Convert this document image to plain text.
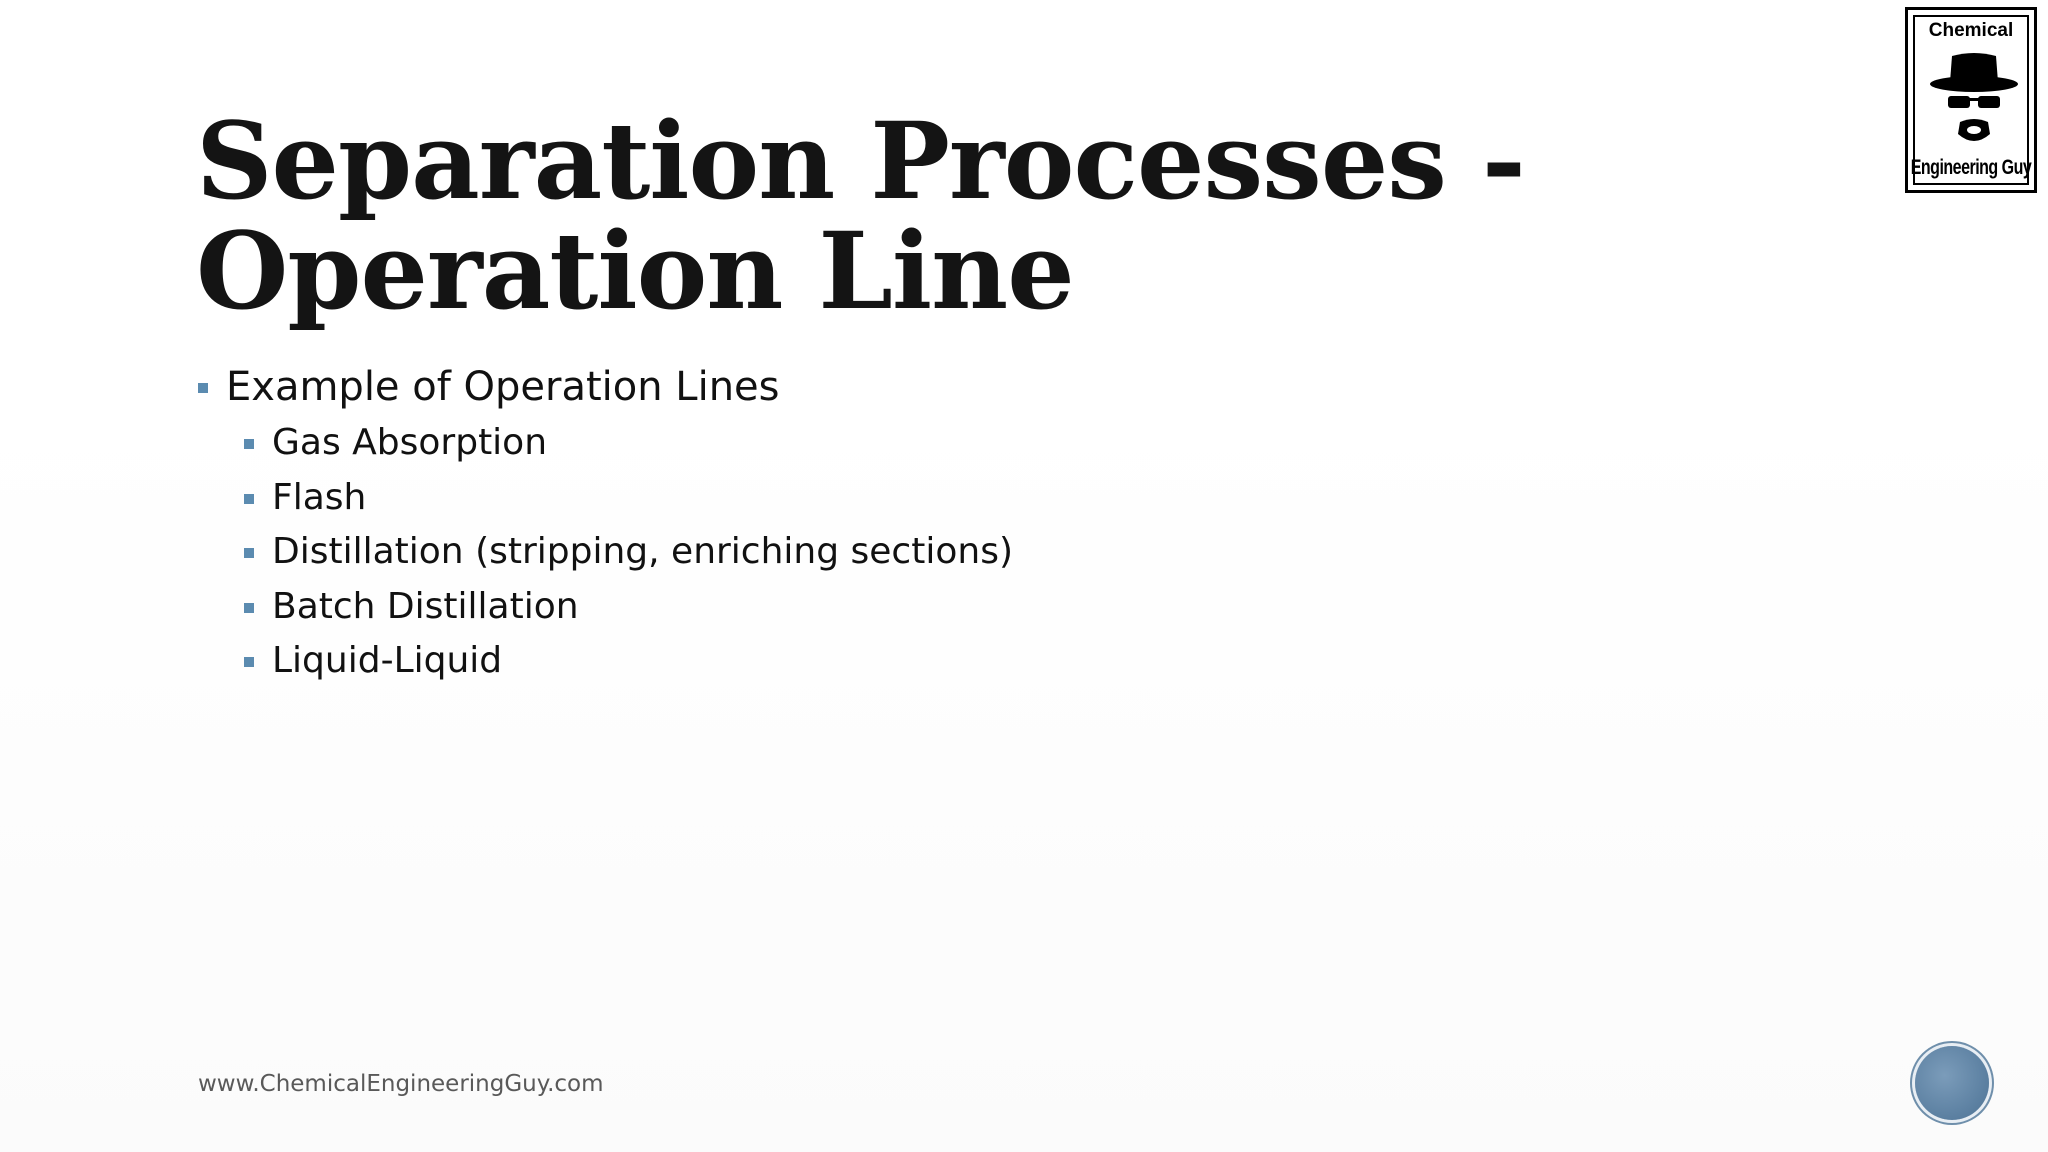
Separation Processes -
Operation Line
Example of Operation Lines
Gas Absorption
Flash
Distillation (stripping, enriching sections)
Batch Distillation
Liquid-Liquid
www.ChemicalEngineeringGuy.com
Chemical
Engineering Guy
